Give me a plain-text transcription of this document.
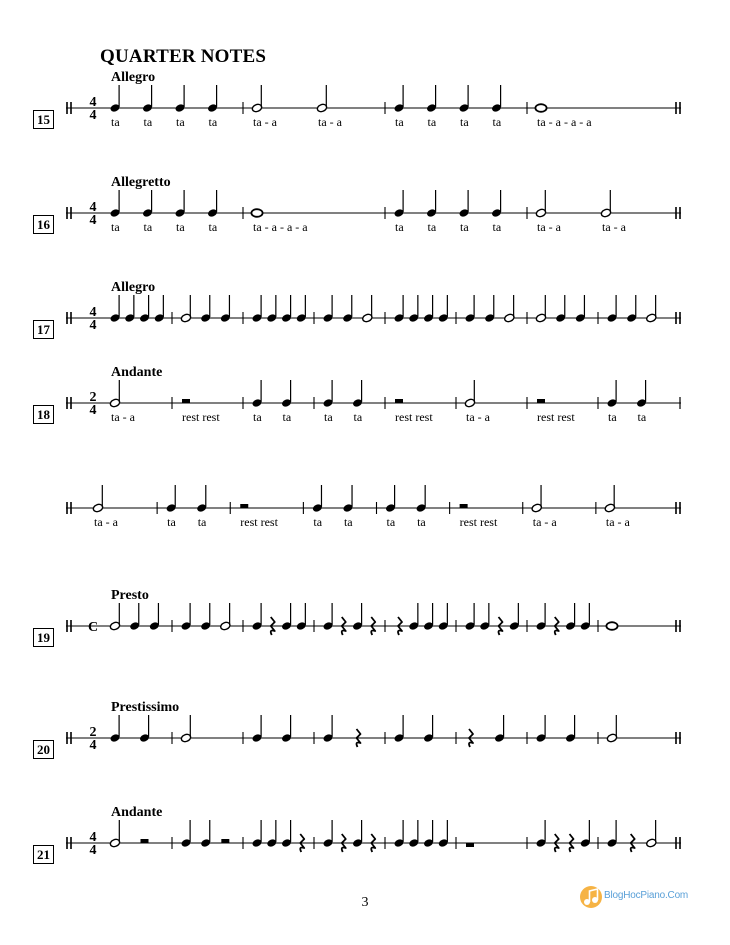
QUARTER NOTES
Allegro
15
4
4 ta ta ta ta	ta - a	ta - a	ta ta ta ta	ta - a - a - a
Allegretto
16
4
4 ta ta ta ta	ta - a - a - a	ta ta ta ta	ta - a	ta - a
Allegro
17
4
4
Andante
18
2
4 ta - a	rest rest	ta ta	ta ta	rest rest	ta - a	rest rest	ta ta
ta - a	ta ta	rest rest	ta ta	ta ta	rest rest	ta - a	ta - a
Presto
19
C
Prestissimo
20
2
4
Andante
21
4
4
3	BlogHocPiano.Com
